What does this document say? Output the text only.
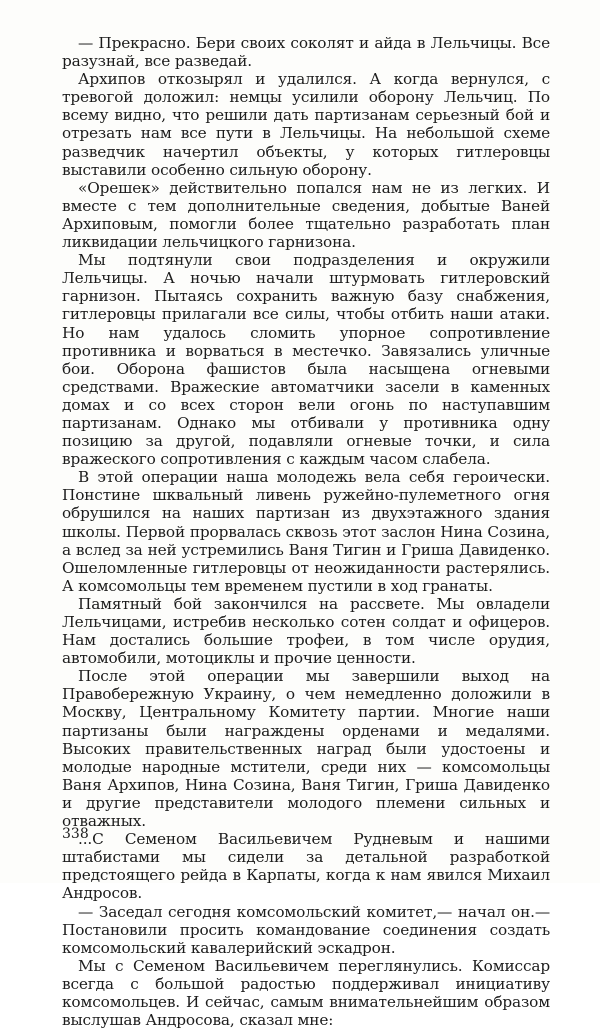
— Прекрасно. Бери своих соколят и айда в Лельчицы. Все разузнай, все разведай.

Архипов откозырял и удалился. А когда вернулся, с тревогой доложил: немцы усилили оборону Лельчиц. По всему видно, что решили дать партизанам серьезный бой и отрезать нам все пути в Лельчицы. На небольшой схеме разведчик начертил объекты, у которых гитлеровцы выставили особенно сильную оборону.

«Орешек» действительно попался нам не из легких. И вместе с тем дополнительные сведения, добытые Ваней Архиповым, помогли более тщательно разработать план ликвидации лельчицкого гарнизона.

Мы подтянули свои подразделения и окружили Лельчицы. А ночью начали штурмовать гитлеровский гарнизон. Пытаясь сохранить важную базу снабжения, гитлеровцы прилагали все силы, чтобы отбить наши атаки. Но нам удалось сломить упорное сопротивление противника и ворваться в местечко. Завязались уличные бои. Оборона фашистов была насыщена огневыми средствами. Вражеские автоматчики засели в каменных домах и со всех сторон вели огонь по наступавшим партизанам. Однако мы отбивали у противника одну позицию за другой, подавляли огневые точки, и сила вражеского сопротивления с каждым часом слабела.

В этой операции наша молодежь вела себя героически. Понстине шквальный ливень ружейно-пулеметного огня обрушился на наших партизан из двухэтажного здания школы. Первой прорвалась сквозь этот заслон Нина Созина, а вслед за ней устремились Ваня Тигин и Гриша Давиденко. Ошеломленные гитлеровцы от неожиданности растерялись. А комсомольцы тем временем пустили в ход гранаты.

Памятный бой закончился на рассвете. Мы овладели Лельчицами, истребив несколько сотен солдат и офицеров. Нам достались большие трофеи, в том числе орудия, автомобили, мотоциклы и прочие ценности.

После этой операции мы завершили выход на Правобережную Украину, о чем немедленно доложили в Москву, Центральному Комитету партии. Многие наши партизаны были награждены орденами и медалями. Высоких правительственных наград были удостоены и молодые народные мстители, среди них — комсомольцы Ваня Архипов, Нина Созина, Ваня Тигин, Гриша Давиденко и другие представители молодого племени сильных и отважных.

...С Семеном Васильевичем Рудневым и нашими штабистами мы сидели за детальной разработкой предстоящего рейда в Карпаты, когда к нам явился Михаил Андросов.

— Заседал сегодня комсомольский комитет,— начал он.— Постановили просить командование соединения создать комсомольский кавалерийский эскадрон.

Мы с Семеном Васильевичем переглянулись. Комиссар всегда с большой радостью поддерживал инициативу комсомольцев. И сейчас, самым внимательнейшим образом выслушав Андросова, сказал мне:

338
